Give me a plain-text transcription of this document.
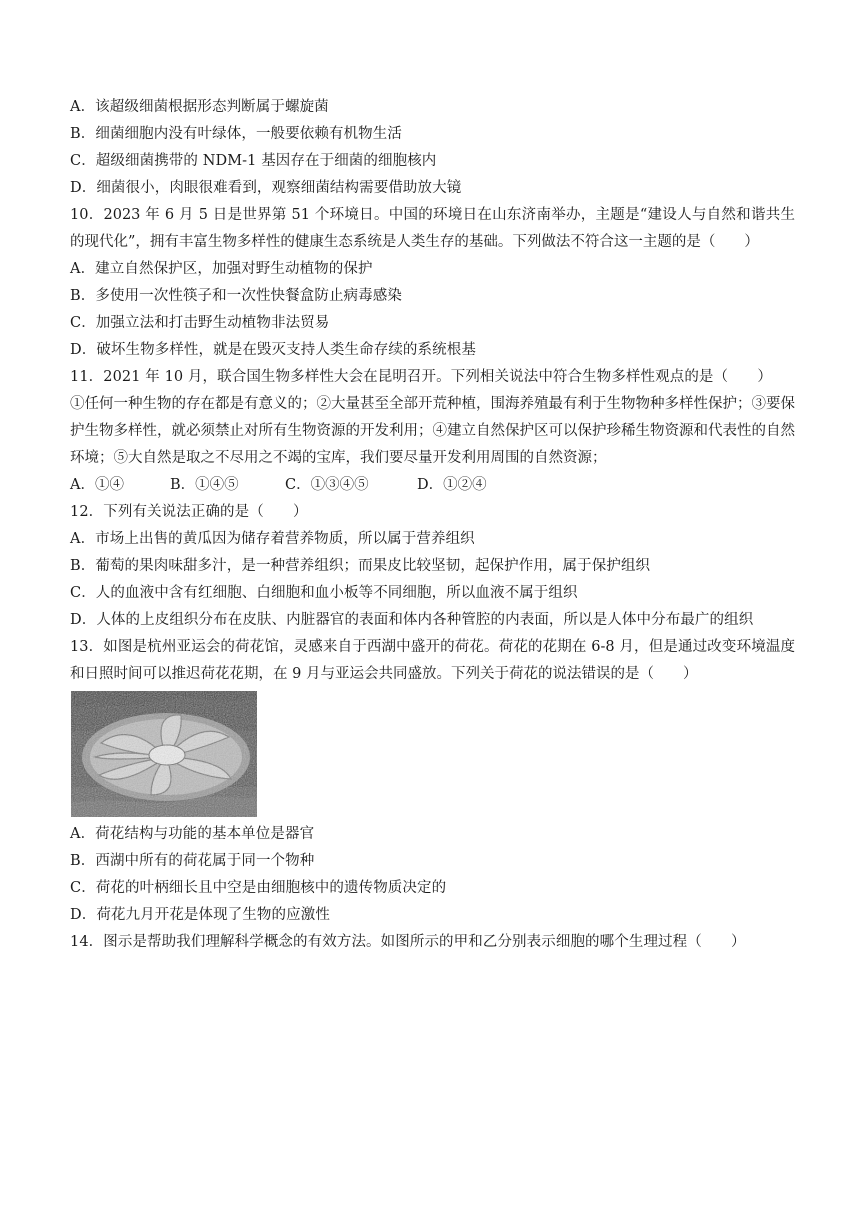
A．该超级细菌根据形态判断属于螺旋菌
B．细菌细胞内没有叶绿体，一般要依赖有机物生活
C．超级细菌携带的 NDM-1 基因存在于细菌的细胞核内
D．细菌很小，肉眼很难看到，观察细菌结构需要借助放大镜
10．2023 年 6 月 5 日是世界第 51 个环境日。中国的环境日在山东济南举办，主题是“建设人与自然和谐共生的现代化”，拥有丰富生物多样性的健康生态系统是人类生存的基础。下列做法不符合这一主题的是（　　）
A．建立自然保护区，加强对野生动植物的保护
B．多使用一次性筷子和一次性快餐盒防止病毒感染
C．加强立法和打击野生动植物非法贸易
D．破坏生物多样性，就是在毁灭支持人类生命存续的系统根基
11．2021 年 10 月，联合国生物多样性大会在昆明召开。下列相关说法中符合生物多样性观点的是（　　）
①任何一种生物的存在都是有意义的；②大量甚至全部开荒种植，围海养殖最有利于生物物种多样性保护；③要保护生物多样性，就必须禁止对所有生物资源的开发利用；④建立自然保护区可以保护珍稀生物资源和代表性的自然环境；⑤大自然是取之不尽用之不竭的宝库，我们要尽量开发利用周围的自然资源；
A．①④	B．①④⑤	C．①③④⑤	D．①②④
12．下列有关说法正确的是（　　）
A．市场上出售的黄瓜因为储存着营养物质，所以属于营养组织
B．葡萄的果肉味甜多汁，是一种营养组织；而果皮比较坚韧，起保护作用，属于保护组织
C．人的血液中含有红细胞、白细胞和血小板等不同细胞，所以血液不属于组织
D．人体的上皮组织分布在皮肤、内脏器官的表面和体内各种管腔的内表面，所以是人体中分布最广的组织
13．如图是杭州亚运会的荷花馆，灵感来自于西湖中盛开的荷花。荷花的花期在 6-8 月，但是通过改变环境温度和日照时间可以推迟荷花花期，在 9 月与亚运会共同盛放。下列关于荷花的说法错误的是（　　）
A．荷花结构与功能的基本单位是器官
B．西湖中所有的荷花属于同一个物种
C．荷花的叶柄细长且中空是由细胞核中的遗传物质决定的
D．荷花九月开花是体现了生物的应激性
14．图示是帮助我们理解科学概念的有效方法。如图所示的甲和乙分别表示细胞的哪个生理过程（　　）
